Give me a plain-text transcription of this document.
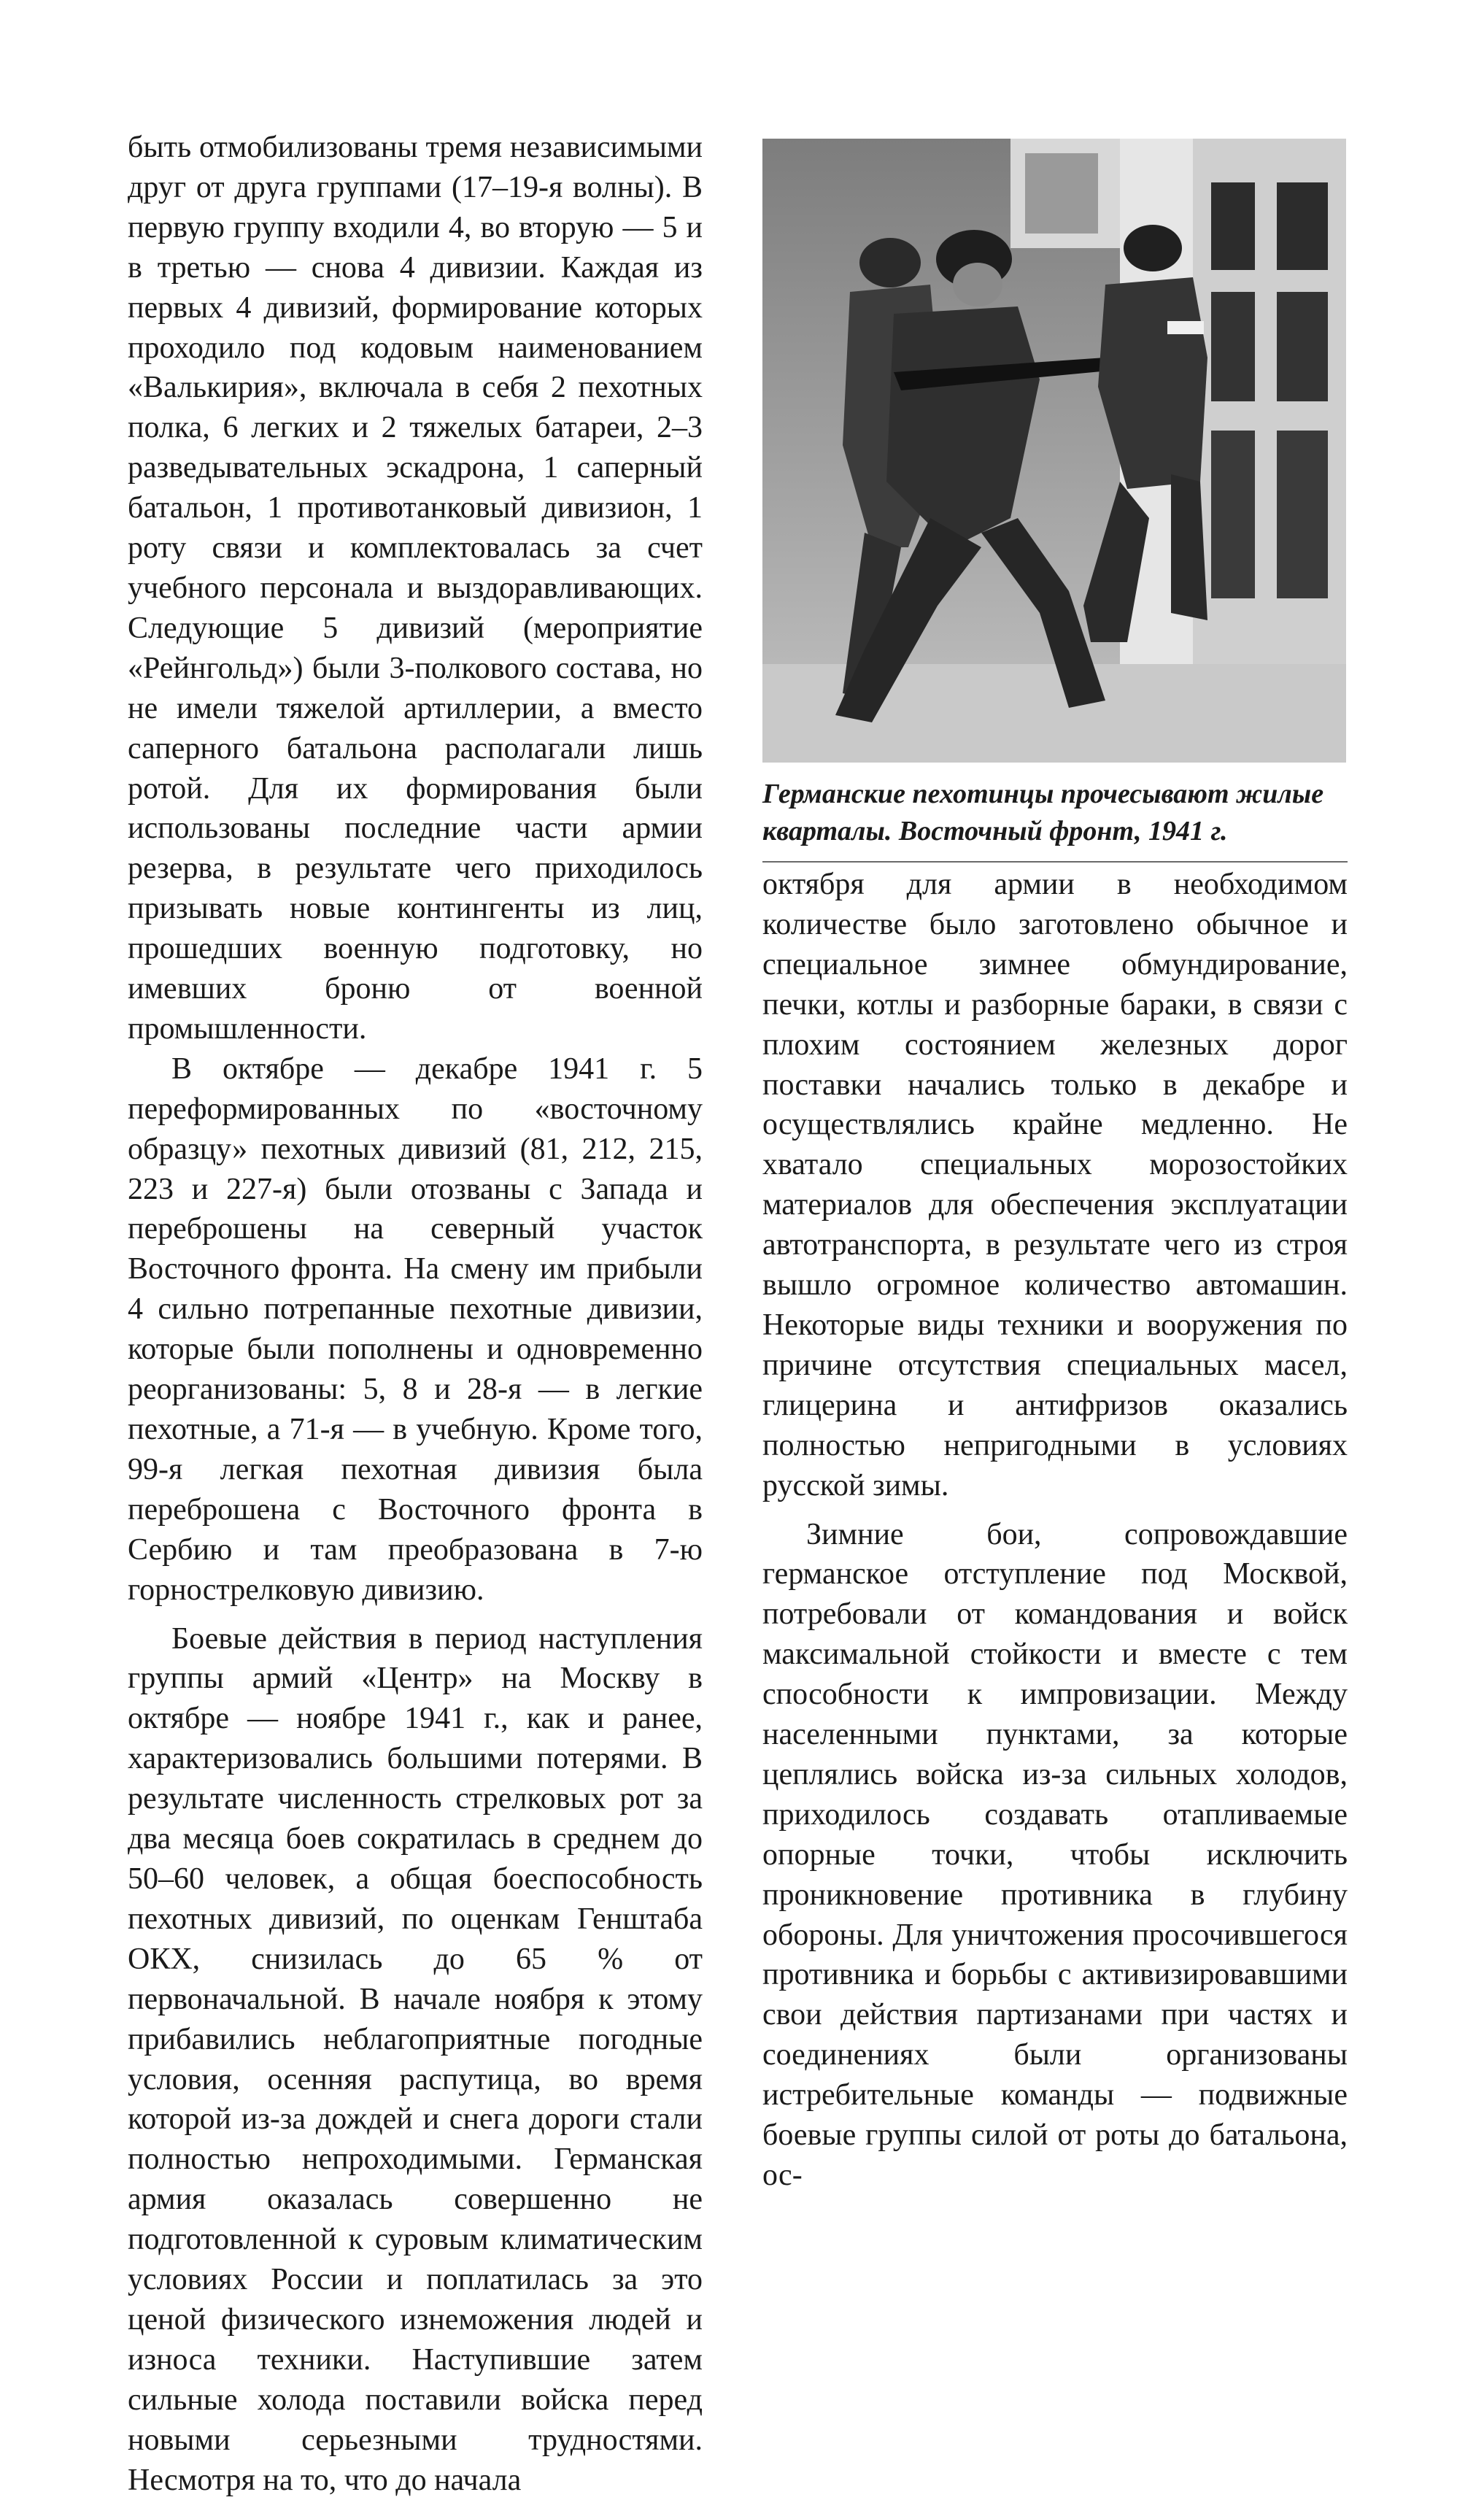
быть отмобилизованы тремя независимыми друг от друга группами (17–19-я волны). В первую группу входили 4, во вторую — 5 и в третью — снова 4 дивизии. Каждая из первых 4 дивизий, формирование которых проходило под кодовым наименованием «Валькирия», включала в себя 2 пехотных полка, 6 легких и 2 тяжелых батареи, 2–3 разведывательных эскадрона, 1 саперный батальон, 1 противотанковый дивизион, 1 роту связи и комплектовалась за счет учебного персонала и выздоравливающих. Следующие 5 дивизий (мероприятие «Рейнгольд») были 3-полкового состава, но не имели тяжелой артиллерии, а вместо саперного батальона располагали лишь ротой. Для их формирования были использованы последние части армии резерва, в результате чего приходилось призывать новые контингенты из лиц, прошедших военную подготовку, но имевших броню от военной промышленности.

В октябре — декабре 1941 г. 5 переформированных по «восточному образцу» пехотных дивизий (81, 212, 215, 223 и 227-я) были отозваны с Запада и переброшены на северный участок Восточного фронта. На смену им прибыли 4 сильно потрепанные пехотные дивизии, которые были пополнены и одновременно реорганизованы: 5, 8 и 28-я — в легкие пехотные, а 71-я — в учебную. Кроме того, 99-я легкая пехотная дивизия была переброшена с Восточного фронта в Сербию и там преобразована в 7-ю горнострелковую дивизию.

Боевые действия в период наступления группы армий «Центр» на Москву в октябре — ноябре 1941 г., как и ранее, характеризовались большими потерями. В результате численность стрелковых рот за два месяца боев сократилась в среднем до 50–60 человек, а общая боеспособность пехотных дивизий, по оценкам Генштаба ОКХ, снизилась до 65 % от первоначальной. В начале ноября к этому прибавились неблагоприятные погодные условия, осенняя распутица, во время которой из-за дождей и снега дороги стали полностью непроходимыми. Германская армия оказалась совершенно не подготовленной к суровым климатическим условиях России и поплатилась за это ценой физического изнеможения людей и износа техники. Наступившие затем сильные холода поставили войска перед новыми серьезными трудностями. Несмотря на то, что до начала

Германские пехотинцы прочесывают жилые кварталы. Восточный фронт, 1941 г.

октября для армии в необходимом количестве было заготовлено обычное и специальное зимнее обмундирование, печки, котлы и разборные бараки, в связи с плохим состоянием железных дорог поставки начались только в декабре и осуществлялись крайне медленно. Не хватало специальных морозостойких материалов для обеспечения эксплуатации автотранспорта, в результате чего из строя вышло огромное количество автомашин. Некоторые виды техники и вооружения по причине отсутствия специальных масел, глицерина и антифризов оказались полностью непригодными в условиях русской зимы.

Зимние бои, сопровождавшие германское отступление под Москвой, потребовали от командования и войск максимальной стойкости и вместе с тем способности к импровизации. Между населенными пунктами, за которые цеплялись войска из-за сильных холодов, приходилось создавать отапливаемые опорные точки, чтобы исключить проникновение противника в глубину обороны. Для уничтожения просочившегося противника и борьбы с активизировавшими свои действия партизанами при частях и соединениях были организованы истребительные команды — подвижные боевые группы силой от роты до батальона, ос-
